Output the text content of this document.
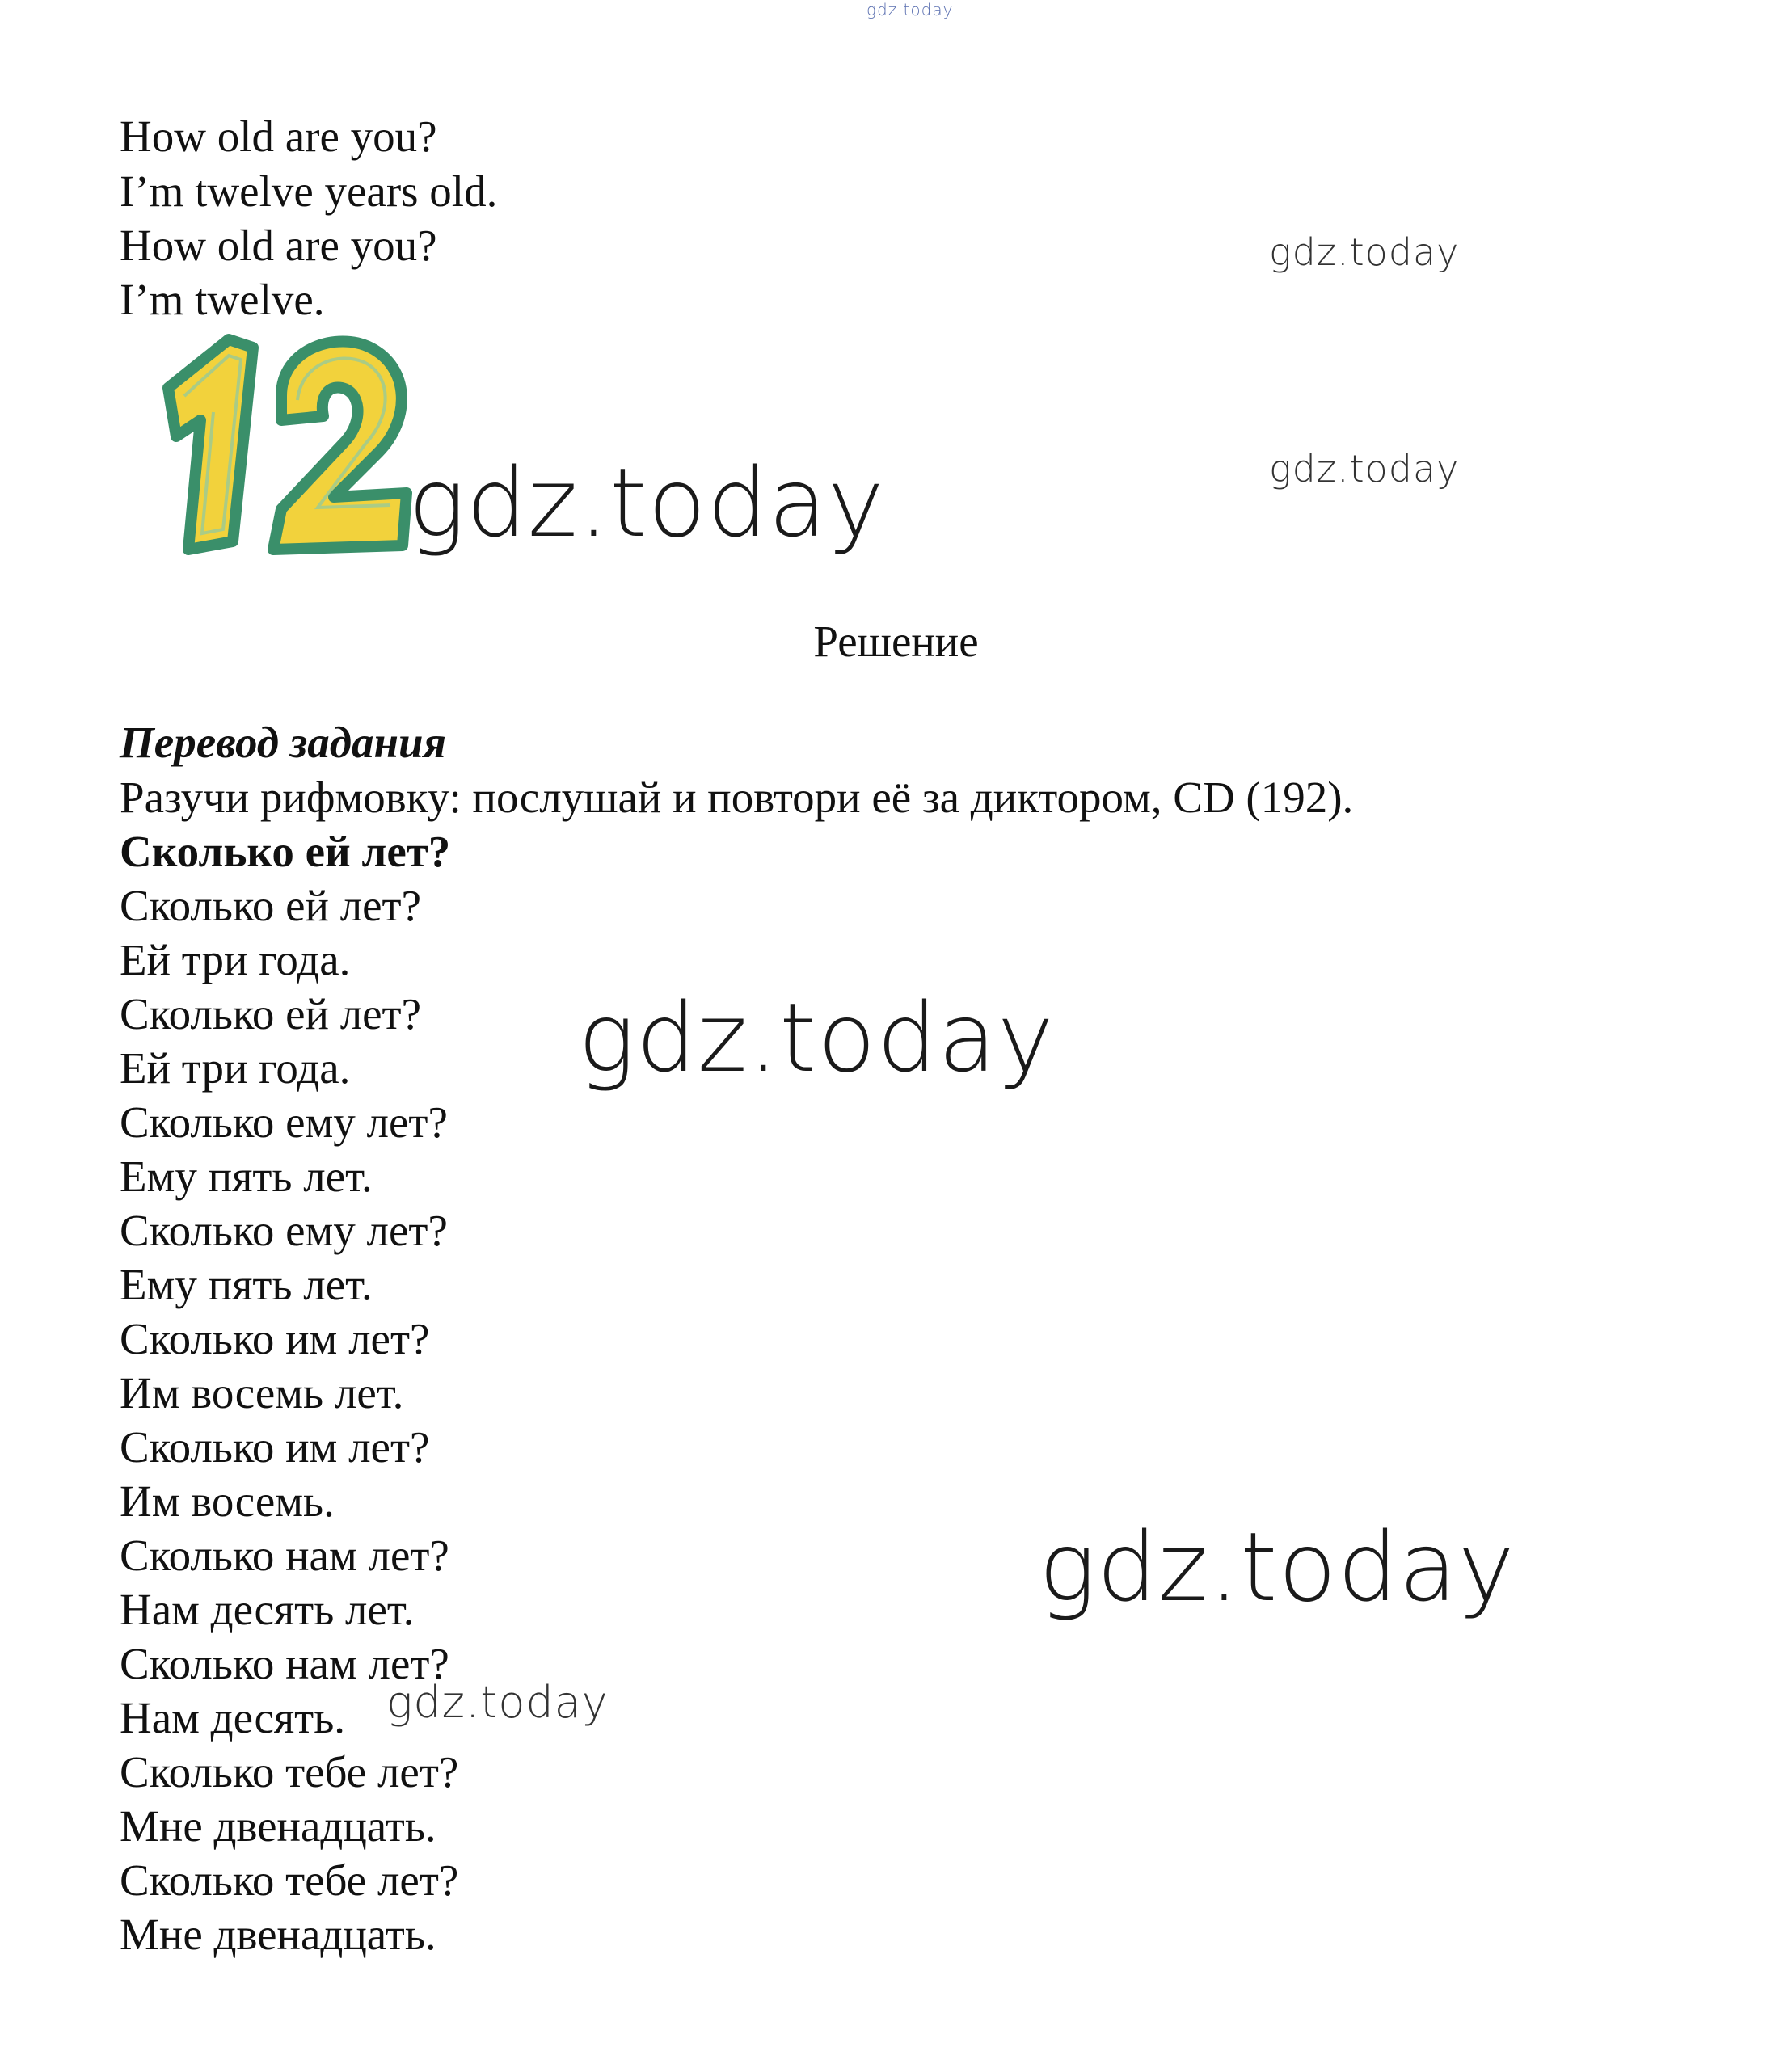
gdz.today
How old are you?
I’m twelve years old.
How old are you?
I’m twelve.
gdz.today
gdz.today
gdz.today
gdz.today
gdz.today
gdz.today
Решение
Перевод задания
Разучи рифмовку: послушай и повтори её за диктором, CD (192).
Сколько ей лет?
Сколько ей лет?
Ей три года.
Сколько ей лет?
Ей три года.
Сколько ему лет?
Ему пять лет.
Сколько ему лет?
Ему пять лет.
Сколько им лет?
Им восемь лет.
Сколько им лет?
Им восемь.
Сколько нам лет?
Нам десять лет.
Сколько нам лет?
Нам десять.
Сколько тебе лет?
Мне двенадцать.
Сколько тебе лет?
Мне двенадцать.
